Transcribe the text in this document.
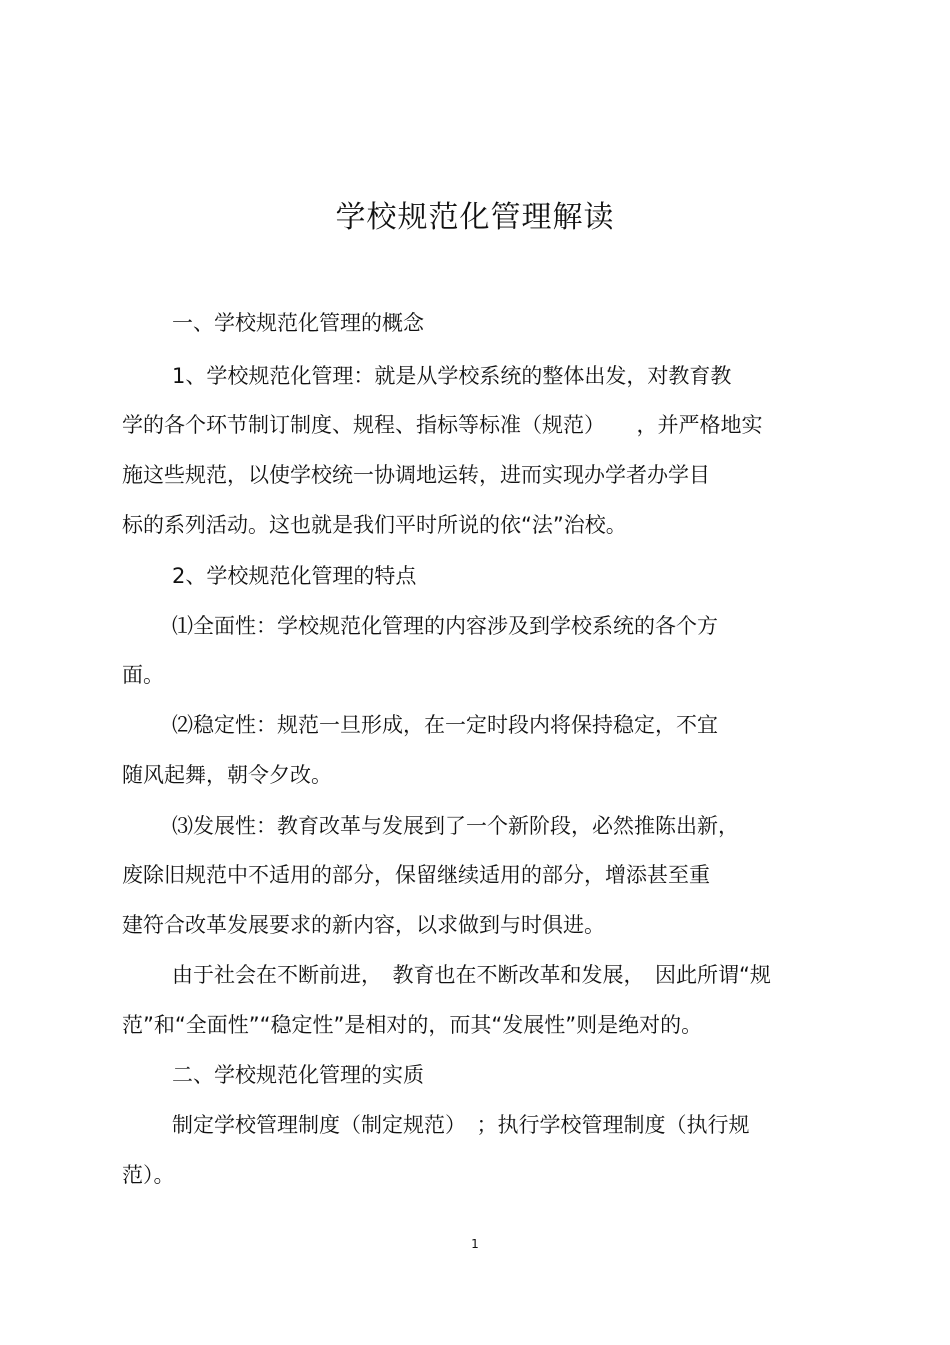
学校规范化管理解读
一、学校规范化管理的概念
1、学校规范化管理：就是从学校系统的整体出发，对教育教
学的各个环节制订制度、规程、指标等标准（规范）　　，并严格地实
施这些规范，以使学校统一协调地运转，进而实现办学者办学目
标的系列活动。这也就是我们平时所说的依“法”治校。
2、学校规范化管理的特点
⑴全面性：学校规范化管理的内容涉及到学校系统的各个方
面。
⑵稳定性：规范一旦形成，在一定时段内将保持稳定，不宜
随风起舞，朝令夕改。
⑶发展性：教育改革与发展到了一个新阶段，必然推陈出新，
废除旧规范中不适用的部分，保留继续适用的部分，增添甚至重
建符合改革发展要求的新内容，以求做到与时俱进。
由于社会在不断前进，　教育也在不断改革和发展，　因此所谓“规
范”和“全面性”“稳定性”是相对的，而其“发展性”则是绝对的。
二、学校规范化管理的实质
制定学校管理制度（制定规范）　；执行学校管理制度（执行规
范）。
1
